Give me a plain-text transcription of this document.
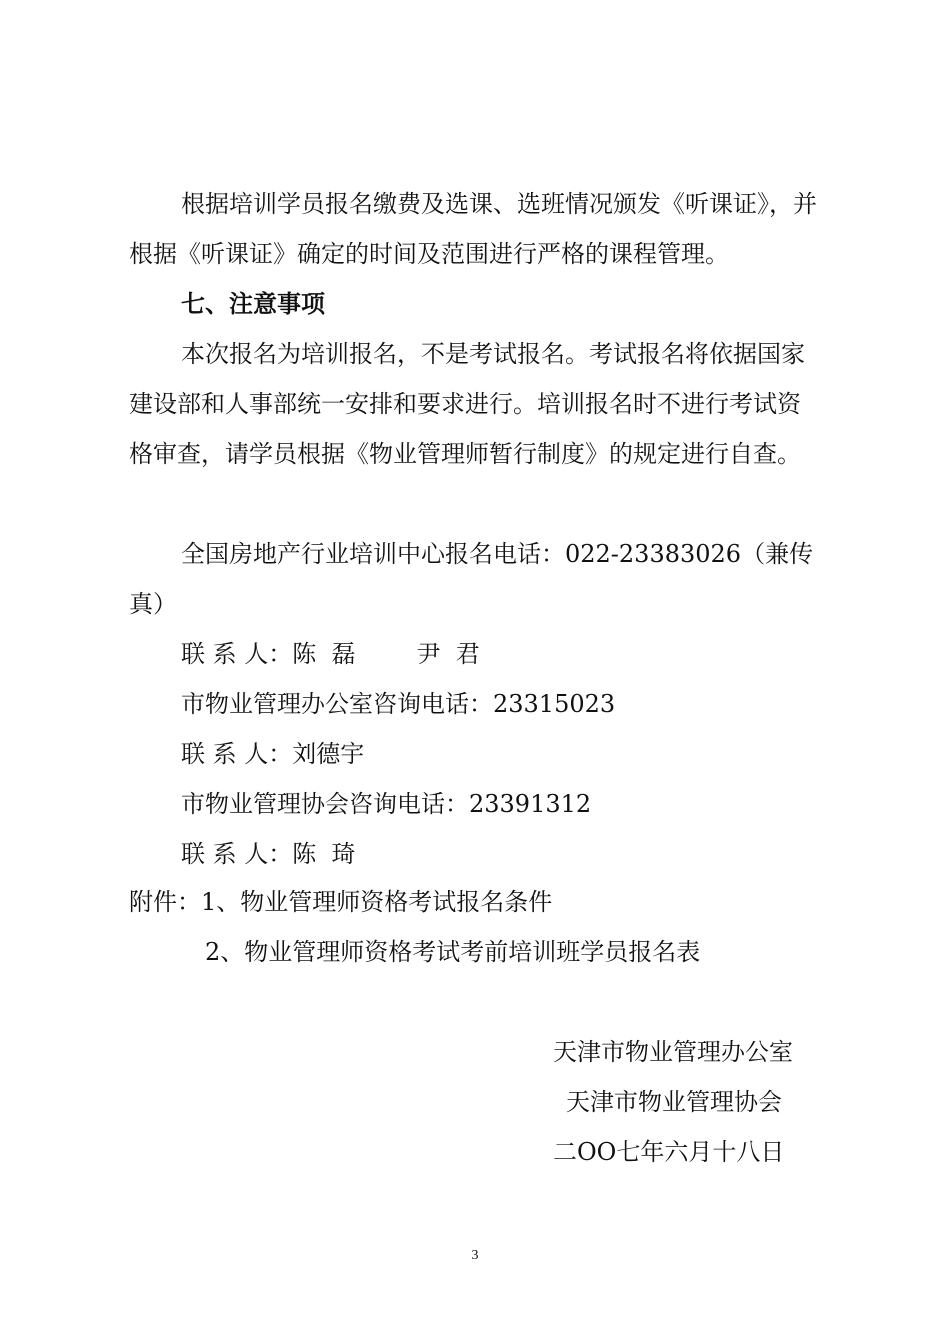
根据培训学员报名缴费及选课、选班情况颁发《听课证》，并
根据《听课证》确定的时间及范围进行严格的课程管理。
七、注意事项
本次报名为培训报名，不是考试报名。考试报名将依据国家
建设部和人事部统一安排和要求进行。培训报名时不进行考试资
格审查，请学员根据《物业管理师暂行制度》的规定进行自查。
全国房地产行业培训中心报名电话：022-23383026（兼传
真）
联 系 人：陈  磊        尹  君
市物业管理办公室咨询电话：23315023
联 系 人：刘德宇
市物业管理协会咨询电话：23391312
联 系 人：陈  琦
附件：1、物业管理师资格考试报名条件
2、物业管理师资格考试考前培训班学员报名表
天津市物业管理办公室
天津市物业管理协会
二OO七年六月十八日
3
